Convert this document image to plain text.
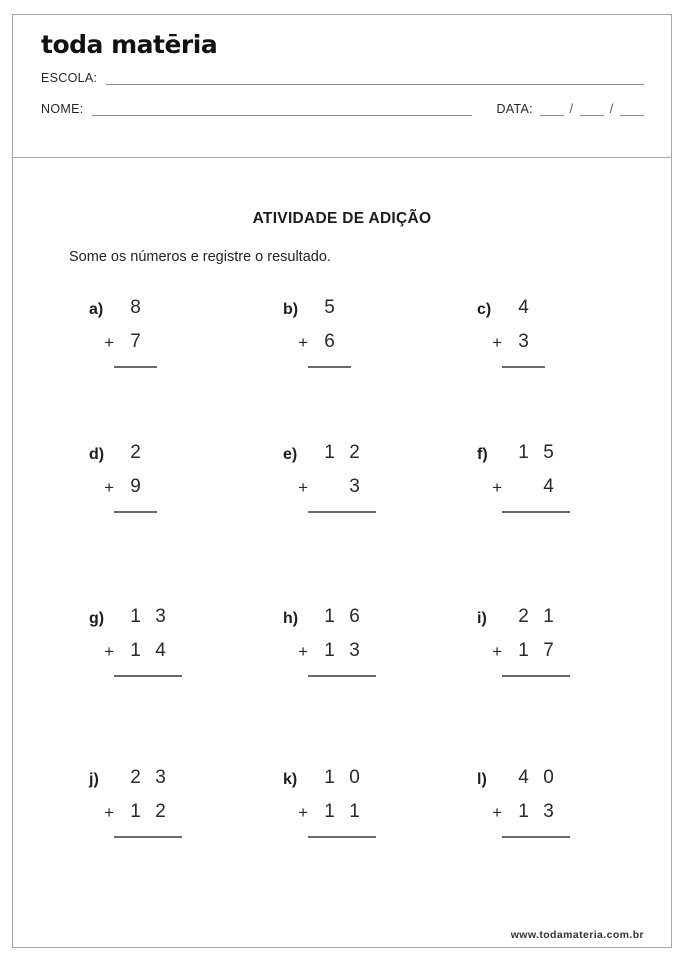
toda matēria
ESCOLA:
NOME:	DATA:	/	/
ATIVIDADE DE ADIÇÃO

Some os números e registre o resultado.

a)	8
+ 7
b)	5
+ 6
c)	4
+ 3
d)	2
+ 9
e)	1 2
+	3
f)	1 5
+	4
g)	1 3
+ 1 4
h)	1 6
+ 1 3
i)	2 1
+ 1 7
j)	2 3
+ 1 2
k)	1 0
+ 1 1
l)	4 0
+ 1 3
www.todamateria.com.br
